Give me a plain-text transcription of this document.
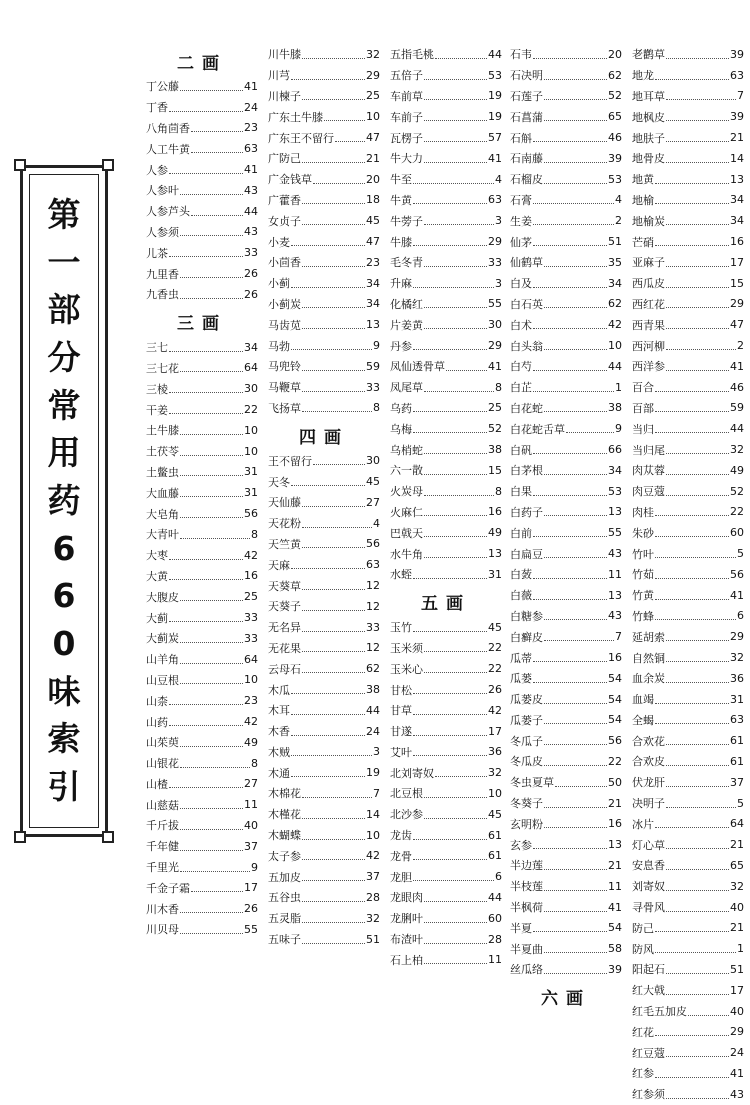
第
一
部
分
常
用
药
6
6
0
味
索
引
二画
丁公藤	41
丁香	24
八角茴香	23
人工牛黄	63
人参	41
人参叶	43
人参芦头	44
人参须	43
儿茶	33
九里香	26
九香虫	26
三画
三七	34
三七花	64
三棱	30
干姜	22
土牛膝	10
土茯苓	10
土鳖虫	31
大血藤	31
大皂角	56
大青叶	8
大枣	42
大黄	16
大腹皮	25
大蓟	33
大蓟炭	33
山羊角	64
山豆根	10
山柰	23
山药	42
山茱萸	49
山银花	8
山楂	27
山慈菇	11
千斤拔	40
千年健	37
千里光	9
千金子霜	17
川木香	26
川贝母	55
川牛膝	32
川芎	29
川楝子	25
广东土牛膝	10
广东王不留行	47
广防己	21
广金钱草	20
广藿香	18
女贞子	45
小麦	47
小茴香	23
小蓟	34
小蓟炭	34
马齿苋	13
马勃	9
马兜铃	59
马鞭草	33
飞扬草	8
四画
王不留行	30
天冬	45
天仙藤	27
天花粉	4
天竺黄	56
天麻	63
天葵草	12
天葵子	12
无名异	33
无花果	12
云母石	62
木瓜	38
木耳	44
木香	24
木贼	3
木通	19
木棉花	7
木槿花	14
木蝴蝶	10
太子参	42
五加皮	37
五谷虫	28
五灵脂	32
五味子	51
五指毛桃	44
五倍子	53
车前草	19
车前子	19
瓦楞子	57
牛大力	41
牛至	4
牛黄	63
牛蒡子	3
牛膝	29
毛冬青	33
升麻	3
化橘红	55
片姜黄	30
丹参	29
凤仙透骨草	41
凤尾草	8
乌药	25
乌梅	52
乌梢蛇	38
六一散	15
火炭母	8
火麻仁	16
巴戟天	49
水牛角	13
水蛭	31
五画
玉竹	45
玉米须	22
玉米心	22
甘松	26
甘草	42
甘遂	17
艾叶	36
北刘寄奴	32
北豆根	10
北沙参	45
龙齿	61
龙骨	61
龙胆	6
龙眼肉	44
龙脷叶	60
布渣叶	28
石上柏	11
石韦	20
石决明	62
石莲子	52
石菖蒲	65
石斛	46
石南藤	39
石榴皮	53
石膏	4
生姜	2
仙茅	51
仙鹤草	35
白及	34
白石英	62
白术	42
白头翁	10
白芍	44
白芷	1
白花蛇	38
白花蛇舌草	9
白矾	66
白茅根	34
白果	53
白药子	13
白前	55
白扁豆	43
白蔹	11
白薇	13
白糖参	43
白癣皮	7
瓜蒂	16
瓜蒌	54
瓜蒌皮	54
瓜蒌子	54
冬瓜子	56
冬瓜皮	22
冬虫夏草	50
冬葵子	21
玄明粉	16
玄参	13
半边莲	21
半枝莲	11
半枫荷	41
半夏	54
半夏曲	58
丝瓜络	39
六画
老鹳草	39
地龙	63
地耳草	7
地枫皮	39
地肤子	21
地骨皮	14
地黄	13
地榆	34
地榆炭	34
芒硝	16
亚麻子	17
西瓜皮	15
西红花	29
西青果	47
西河柳	2
西洋参	41
百合	46
百部	59
当归	44
当归尾	32
肉苁蓉	49
肉豆蔻	52
肉桂	22
朱砂	60
竹叶	5
竹茹	56
竹黄	41
竹蜂	6
延胡索	29
自然铜	32
血余炭	36
血竭	31
全蝎	63
合欢花	61
合欢皮	61
伏龙肝	37
决明子	5
冰片	64
灯心草	21
安息香	65
刘寄奴	32
寻骨风	40
防己	21
防风	1
阳起石	51
红大戟	17
红毛五加皮	40
红花	29
红豆蔻	24
红参	41
红参须	43
